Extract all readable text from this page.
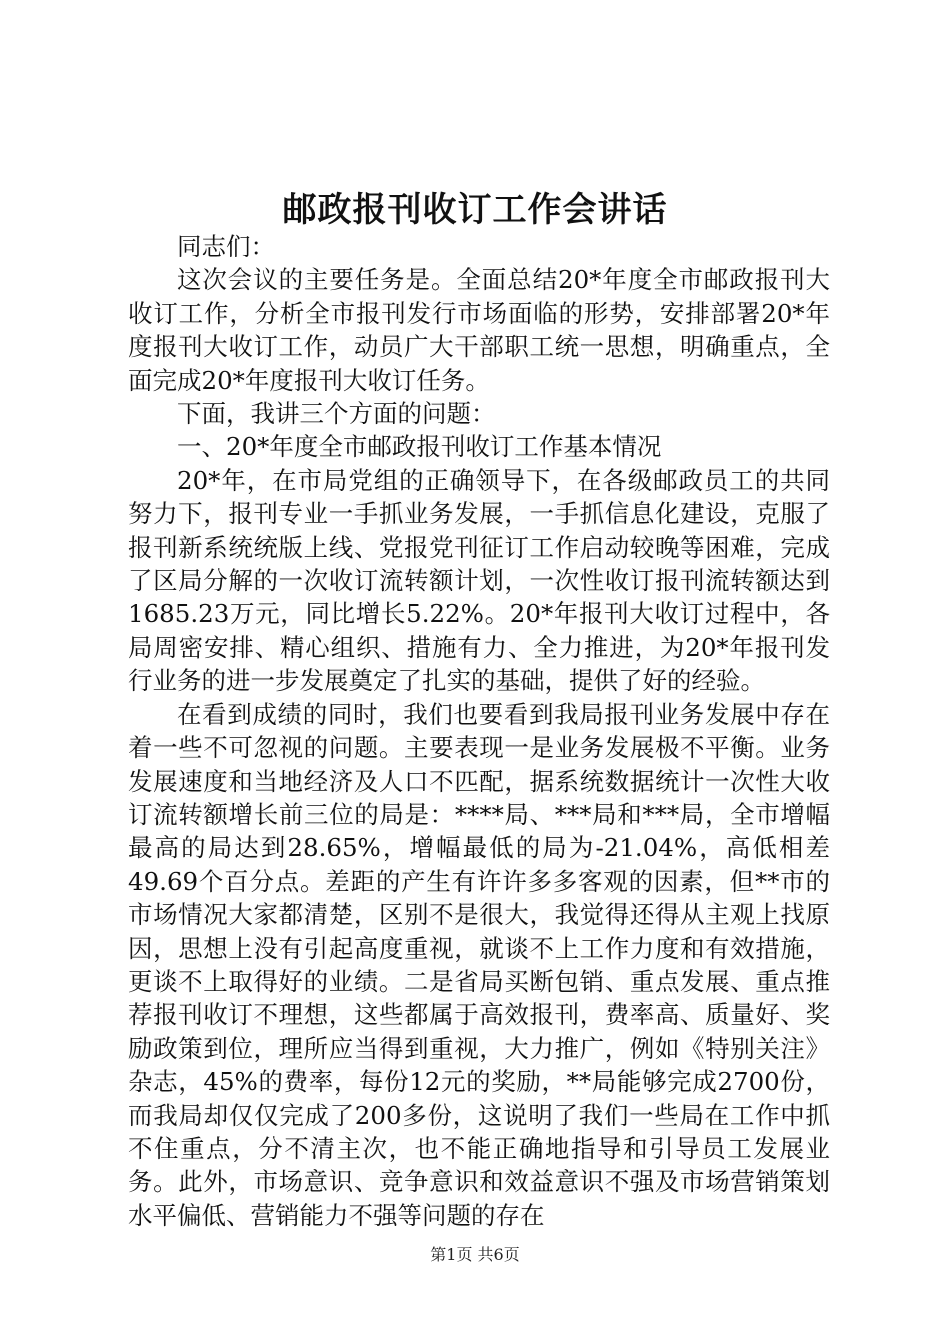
邮政报刊收订工作会讲话

同志们：

这次会议的主要任务是。全面总结20*年度全市邮政报刊大收订工作，分析全市报刊发行市场面临的形势，安排部署20*年度报刊大收订工作，动员广大干部职工统一思想，明确重点，全面完成20*年度报刊大收订任务。

下面，我讲三个方面的问题：

一、20*年度全市邮政报刊收订工作基本情况

20*年，在市局党组的正确领导下，在各级邮政员工的共同努力下，报刊专业一手抓业务发展，一手抓信息化建设，克服了报刊新系统统版上线、党报党刊征订工作启动较晚等困难，完成了区局分解的一次收订流转额计划，一次性收订报刊流转额达到1685.23万元，同比增长5.22%。20*年报刊大收订过程中，各局周密安排、精心组织、措施有力、全力推进，为20*年报刊发行业务的进一步发展奠定了扎实的基础，提供了好的经验。

在看到成绩的同时，我们也要看到我局报刊业务发展中存在着一些不可忽视的问题。主要表现一是业务发展极不平衡。业务发展速度和当地经济及人口不匹配，据系统数据统计一次性大收订流转额增长前三位的局是：****局、***局和***局，全市增幅最高的局达到28.65%，增幅最低的局为-21.04%，高低相差49.69个百分点。差距的产生有许许多多客观的因素，但**市的市场情况大家都清楚，区别不是很大，我觉得还得从主观上找原因，思想上没有引起高度重视，就谈不上工作力度和有效措施，更谈不上取得好的业绩。二是省局买断包销、重点发展、重点推荐报刊收订不理想，这些都属于高效报刊，费率高、质量好、奖励政策到位，理所应当得到重视，大力推广，例如《特别关注》杂志，45%的费率，每份12元的奖励，**局能够完成2700份，而我局却仅仅完成了200多份，这说明了我们一些局在工作中抓不住重点，分不清主次，也不能正确地指导和引导员工发展业务。此外，市场意识、竞争意识和效益意识不强及市场营销策划水平偏低、营销能力不强等问题的存在

第1页 共6页
